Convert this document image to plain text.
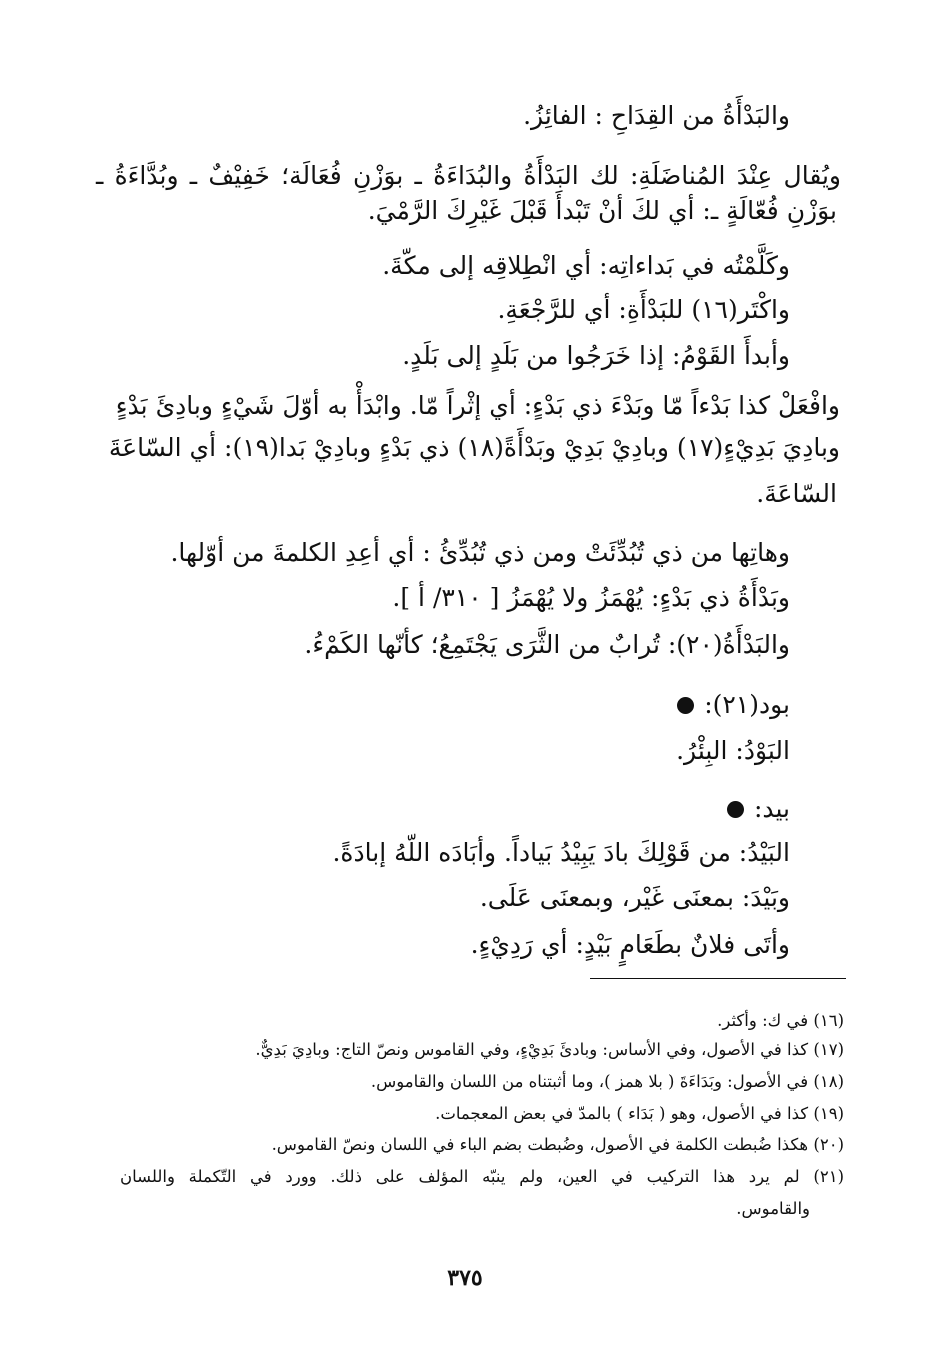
والبَدْأَةُ من القِدَاحِ : الفائِزُ.
ويُقال عِنْدَ المُناضَلَةِ: لك البَدْأَةُ والبُدَاءَةُ ـ بوَزْنِ فُعَالَة؛ خَفِيْفٌ ـ وبُدَّاءَةُ ـ
بوَزْنِ فُعّالَةٍ ـ: أي لكَ أنْ تَبْدأَ قَبْلَ غَيْرِكَ الرَّمْيَ.
وكَلَّمْتُه في بَداءاتِه: أي انْطِلاقِه إلى مكّةَ.
واكْتَر(١٦) للبَدْأَةِ: أي للرَّجْعَةِ.
وأبدأَ القَوْمُ: إذا خَرَجُوا من بَلَدٍ إلى بَلَدٍ.
وافْعَلْ كذا بَدْءاً مّا وبَدْءَ ذي بَدْءٍ: أي إثْراً مّا. وابْدَأْ به أوّلَ شَيْءٍ وبادِئَ بَدْءٍ
وبادِيَ بَدِيْءٍ(١٧) وبادِيْ بَدِيْ وبَدْأَةً(١٨) ذي بَدْءٍ وبادِيْ بَدا(١٩): أي السّاعَةَ
السّاعَةَ.
وهاتِها من ذي تُبُدِّئَتْ ومن ذي تُبُدِّئُ : أي أعِدِ الكلمةَ من أوّلها.
وبَدْأَةُ ذي بَدْءٍ: يُهْمَزُ ولا يُهْمَزُ [ ٣١٠/ أ ].
والبَدْأَةُ(٢٠): تُرابٌ من الثَّرَى يَجْتَمِعُ؛ كأنّها الكَمْءُ.
بود(٢١):
البَوْدُ: البِئْرُ.
بيد:
البَيْدُ: من قَوْلِكَ بادَ يَبِيْدُ بَياداً. وأبَادَه اللّهُ إبادَةً.
وبَيْدَ: بمعنَى غَيْر، وبمعنَى عَلَى.
وأتَى فلانٌ بطَعَامٍ بَيْدٍ: أي رَدِيْءٍ.
(١٦) في ك: وأكثر.
(١٧) كذا في الأصول، وفي الأساس: وبادئَ بَدِيْءٍ، وفي القاموس ونصّ التاج: وبادِيَ بَدِيٌّ.
(١٨) في الأصول: وبَدَاءَةَ ( بلا همز )، وما أثبتناه من اللسان والقاموس.
(١٩) كذا في الأصول، وهو ( بَدَاء ) بالمدّ في بعض المعجمات.
(٢٠) هكذا ضُبطت الكلمة في الأصول، وضُبطت بضم الباء في اللسان ونصّ القاموس.
(٢١) لم يرد هذا التركيب في العين، ولم ينبّه المؤلف على ذلك. وورد في التّكملة واللسان
والقاموس.
٣٧٥
